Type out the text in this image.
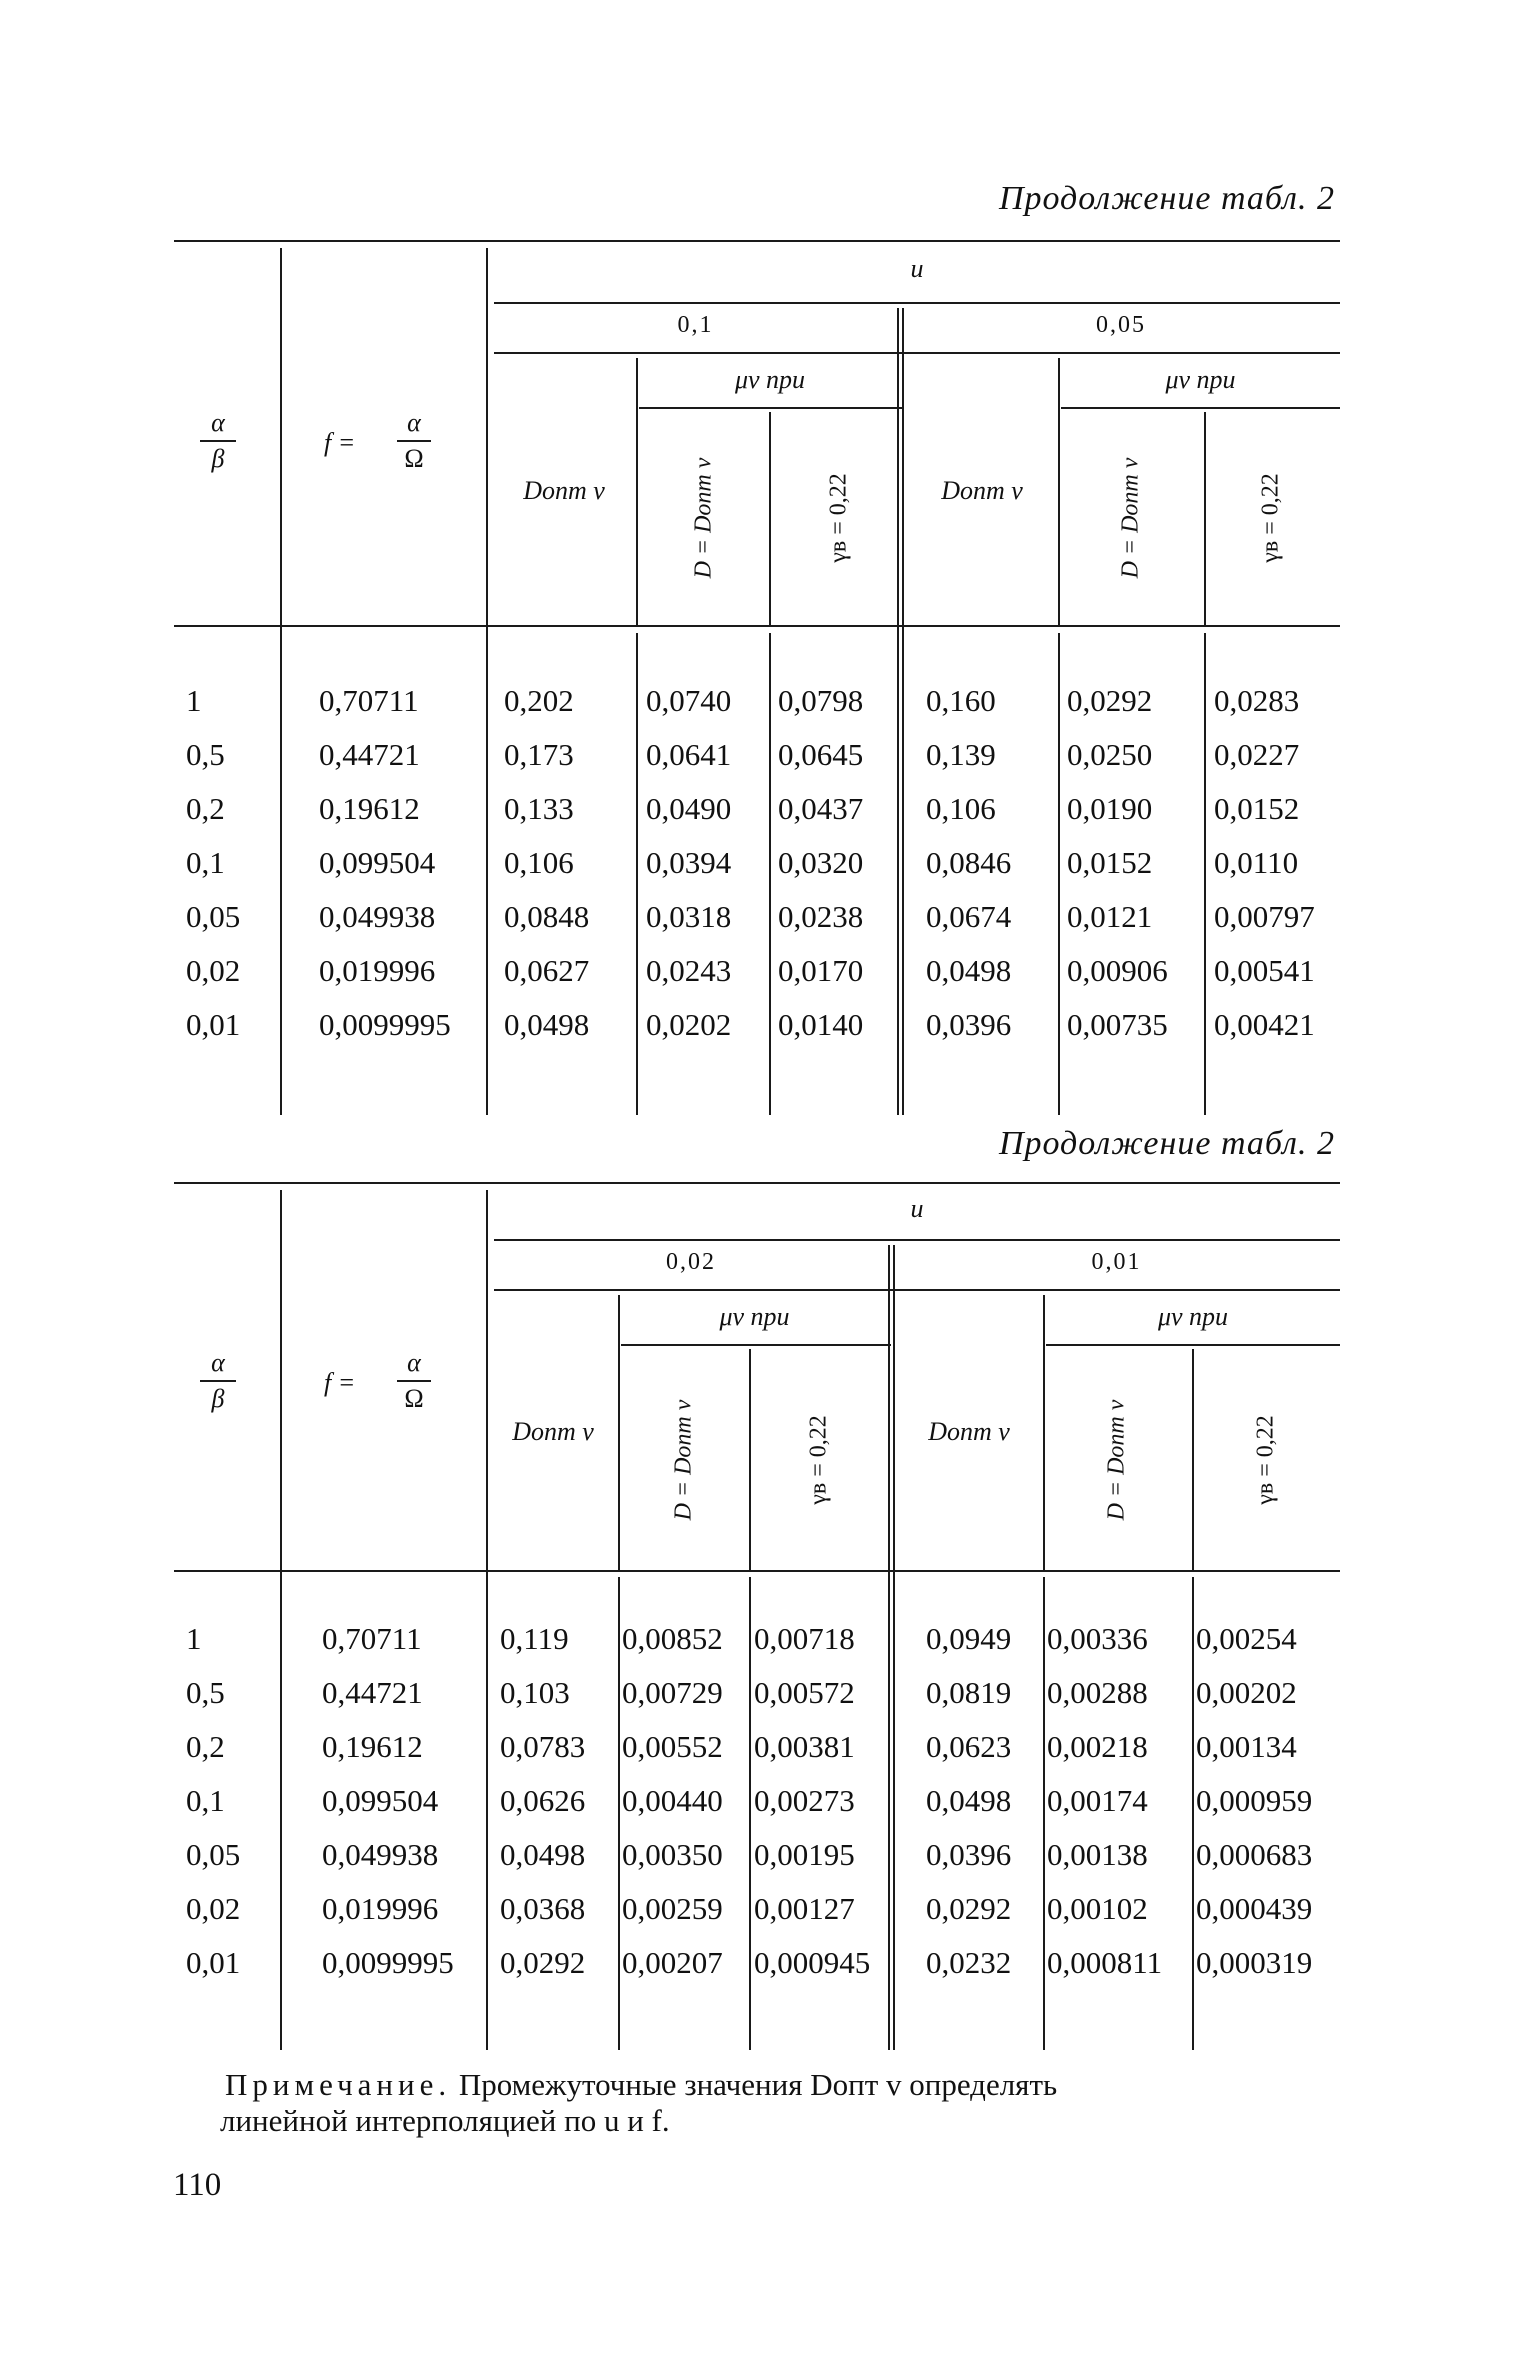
Продолжение табл. 2
u
0,1	0,05
α
β
f =
α
Ω
Dопт v
μv при
D = Dопт v	γв = 0,22	Dопт v
μv при
D = Dопт v	γв = 0,22
1	0,70711	0,202 0,0740 0,0798 0,160 0,0292 0,0283
0,5	0,44721	0,173 0,0641 0,0645 0,139 0,0250 0,0227
0,2	0,19612	0,133 0,0490 0,0437 0,106 0,0190 0,0152
0,1	0,099504 0,106 0,0394 0,0320 0,0846 0,0152 0,0110
0,05	0,049938 0,0848 0,0318 0,0238 0,0674 0,0121 0,00797
0,02	0,019996 0,0627 0,0243 0,0170 0,0498 0,00906 0,00541
0,01	0,0099995 0,0498 0,0202 0,0140 0,0396 0,00735 0,00421
Продолжение табл. 2
u
0,02	0,01
α
β
f =
α
Ω
Dопт v
μv при
D = Dопт v	γв = 0,22	Dопт v
μv при
D = Dопт v	γв = 0,22
1	0,70711	0,119 0,00852 0,00718 0,0949 0,00336 0,00254
0,5	0,44721 0,103 0,00729 0,00572 0,0819 0,00288 0,00202
0,2	0,19612 0,0783 0,00552 0,00381 0,0623 0,00218 0,00134
0,1	0,099504 0,0626 0,00440 0,00273 0,0498 0,00174 0,000959
0,05	0,049938 0,0498 0,00350 0,00195 0,0396 0,00138 0,000683
0,02	0,019996 0,0368 0,00259 0,00127 0,0292 0,00102 0,000439
0,01	0,0099995 0,0292 0,00207 0,000945 0,0232 0,000811 0,000319
Примечание. Промежуточные значения Dопт v определять
линейной интерполяцией по u и f.
110
